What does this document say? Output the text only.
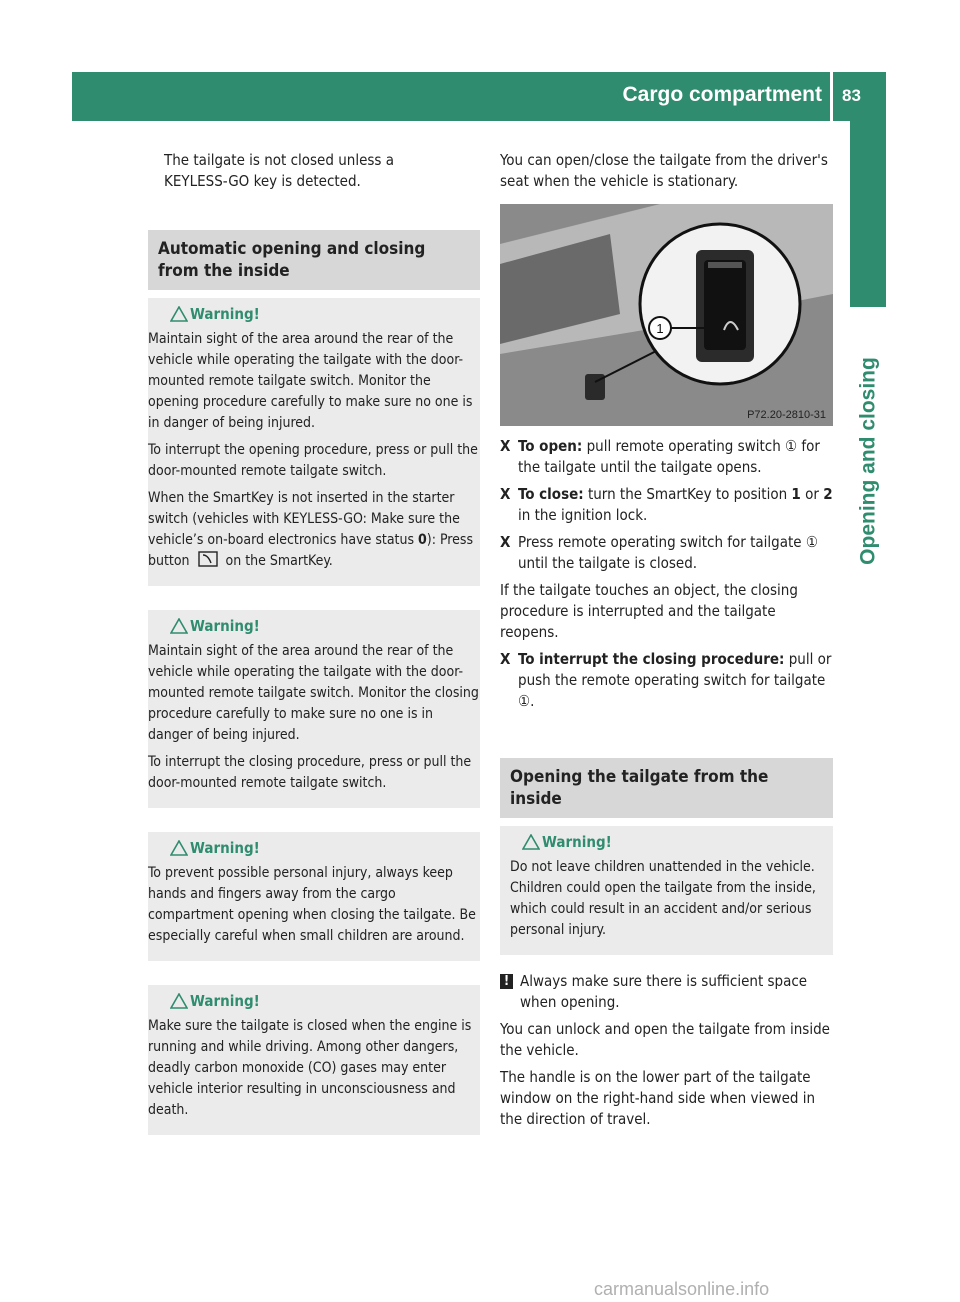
Cargo compartment 83
Opening and closing
The tailgate is not closed unless a
KEYLESS-GO key is detected.
Automatic opening and closing from the inside
Warning!

Maintain sight of the area around the rear of the vehicle while operating the tailgate with the door-mounted remote tailgate switch. Monitor the opening procedure carefully to make sure no one is in danger of being injured.

To interrupt the opening procedure, press or pull the door-mounted remote tailgate switch.

When the SmartKey is not inserted in the starter switch (vehicles with KEYLESS-GO: Make sure the vehicle’s on-board electronics have status 0): Press button	on the SmartKey.

Warning!

Maintain sight of the area around the rear of the vehicle while operating the tailgate with the door-mounted remote tailgate switch. Monitor the closing procedure carefully to make sure no one is in danger of being injured.

To interrupt the closing procedure, press or pull the door-mounted remote tailgate switch.

Warning!

To prevent possible personal injury, always keep hands and fingers away from the cargo compartment opening when closing the tailgate. Be especially careful when small children are around.

Warning!

Make sure the tailgate is closed when the engine is running and while driving. Among other dangers, deadly carbon monoxide (CO) gases may enter vehicle interior resulting in unconsciousness and death.

You can open/close the tailgate from the driver's seat when the vehicle is stationary.

1
P72.20-2810-31
X To open: pull remote operating switch ① for the tailgate until the tailgate opens.
X To close: turn the SmartKey to position 1 or 2 in the ignition lock.
X Press remote operating switch for tailgate ① until the tailgate is closed.

If the tailgate touches an object, the closing procedure is interrupted and the tailgate reopens.

X To interrupt the closing procedure: pull or push the remote operating switch for tailgate ①.
Opening the tailgate from the inside
Warning!

Do not leave children unattended in the vehicle. Children could open the tailgate from the inside, which could result in an accident and/or serious personal injury.

! Always make sure there is sufficient space when opening.

You can unlock and open the tailgate from inside the vehicle.

The handle is on the lower part of the tailgate window on the right-hand side when viewed in the direction of travel.

carmanualsonline.info
